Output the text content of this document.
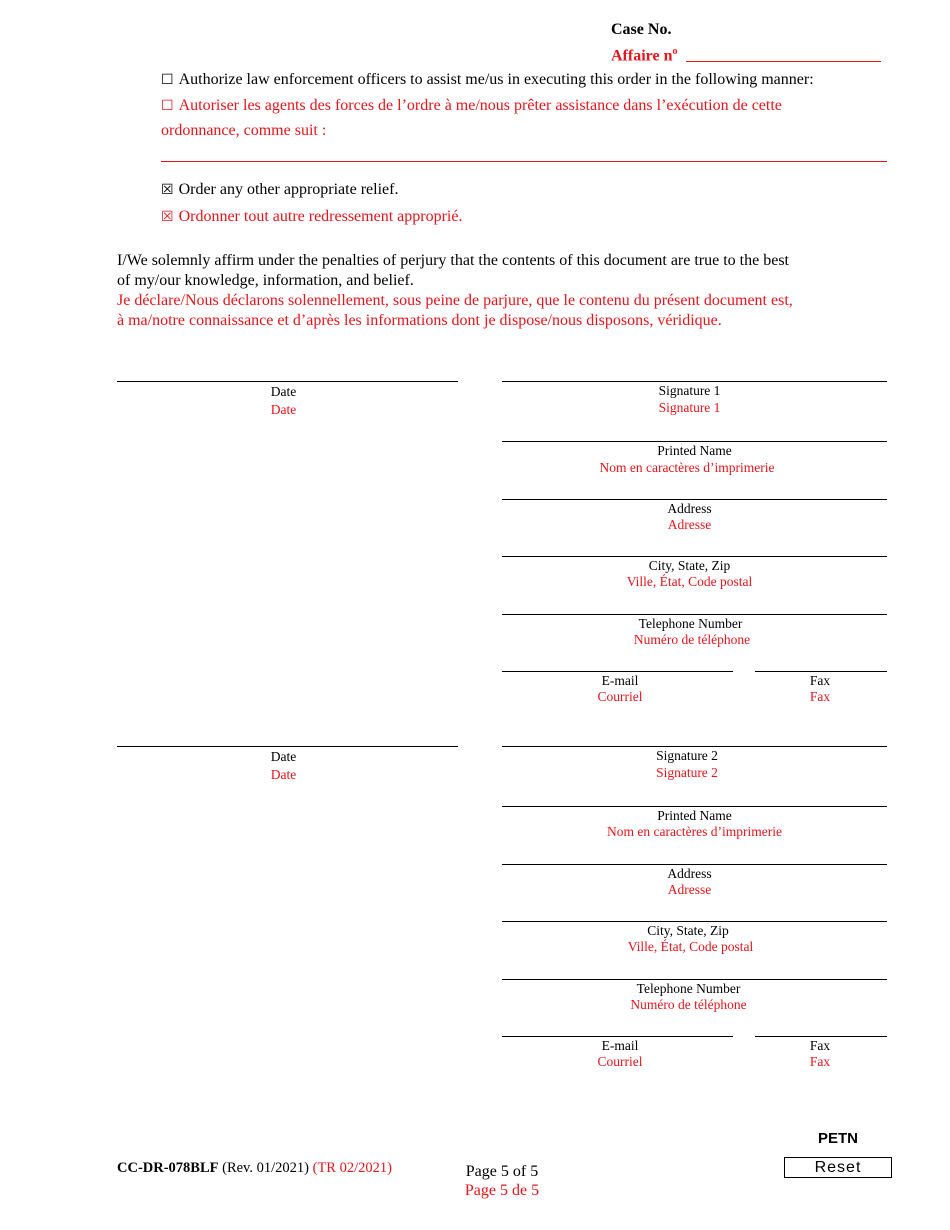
Case No.
Affaire $n^o$
☐ Authorize law enforcement officers to assist me/us in executing this order in the following manner:
☐ Autoriser les agents des forces de l’ordre à me/nous prêter assistance dans l’exécution de cette
ordonnance, comme suit :
☒ Order any other appropriate relief.
☒ Ordonner tout autre redressement approprié.
I/We solemnly affirm under the penalties of perjury that the contents of this document are true to the best
of my/our knowledge, information, and belief.
Je déclare/Nous déclarons solennellement, sous peine de parjure, que le contenu du présent document est,
à ma/notre connaissance et d’après les informations dont je dispose/nous disposons, véridique.
Date
Date
Signature 1
Signature 1
Printed Name
Nom en caractères d’imprimerie
Address
Adresse
City, State, Zip
Ville, État, Code postal
Telephone Number
Numéro de téléphone
E-mail
Courriel
Fax
Fax
Date
Date
Signature 2
Signature 2
Printed Name
Nom en caractères d’imprimerie
Address
Adresse
City, State, Zip
Ville, État, Code postal
Telephone Number
Numéro de téléphone
E-mail
Courriel
Fax
Fax
CC-DR-078BLF (Rev. 01/2021) (TR 02/2021)	Page 5 of 5
Page 5 de 5
PETN
Reset
